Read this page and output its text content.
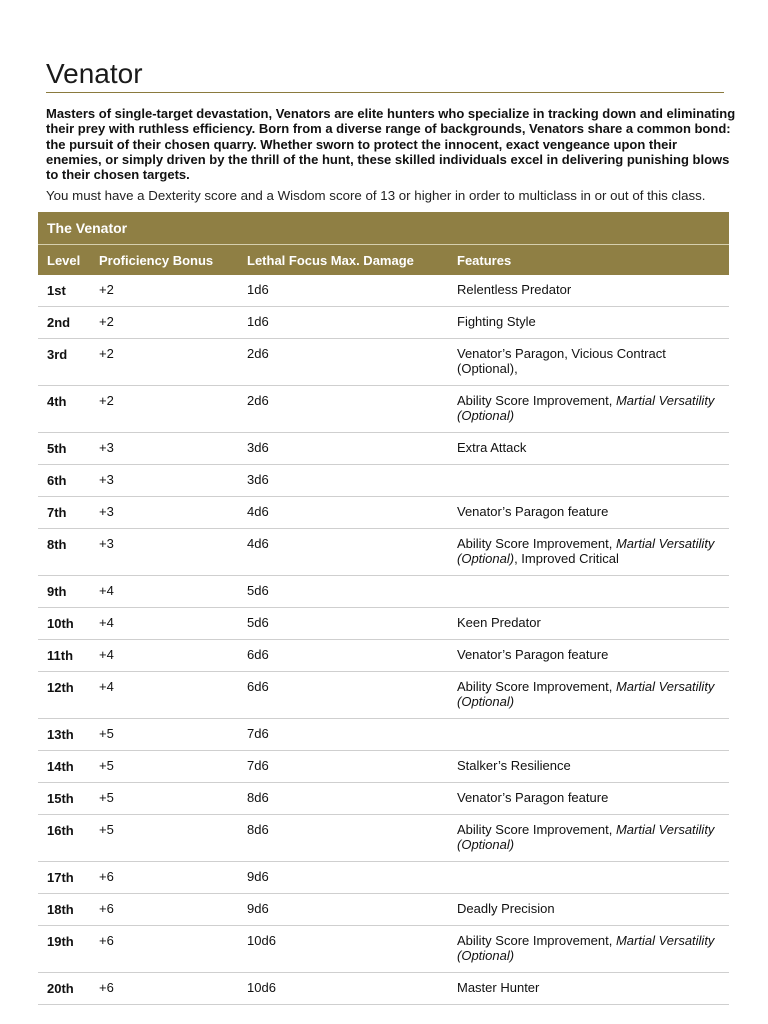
Venator

Masters of single-target devastation, Venators are elite hunters who specialize in tracking down and eliminating their prey with ruthless efficiency. Born from a diverse range of backgrounds, Venators share a common bond: the pursuit of their chosen quarry. Whether sworn to protect the innocent, exact vengeance upon their enemies, or simply driven by the thrill of the hunt, these skilled individuals excel in delivering punishing blows to their chosen targets.

You must have a Dexterity score and a Wisdom score of 13 or higher in order to multiclass in or out of this class.

The Venator
Level	Proficiency Bonus	Lethal Focus Max. Damage	Features
1st	+2	1d6	Relentless Predator
2nd	+2	1d6	Fighting Style
3rd	+2	2d6	Venator’s Paragon, Vicious Contract (Optional),
4th	+2	2d6	Ability Score Improvement, Martial Versatility (Optional)
5th	+3	3d6	Extra Attack
6th	+3	3d6	
7th	+3	4d6	Venator’s Paragon feature
8th	+3	4d6	Ability Score Improvement, Martial Versatility (Optional), Improved Critical
9th	+4	5d6	
10th	+4	5d6	Keen Predator
11th	+4	6d6	Venator’s Paragon feature
12th	+4	6d6	Ability Score Improvement, Martial Versatility (Optional)
13th	+5	7d6	
14th	+5	7d6	Stalker’s Resilience
15th	+5	8d6	Venator’s Paragon feature
16th	+5	8d6	Ability Score Improvement, Martial Versatility (Optional)
17th	+6	9d6	
18th	+6	9d6	Deadly Precision
19th	+6	10d6	Ability Score Improvement, Martial Versatility (Optional)
20th	+6	10d6	Master Hunter
